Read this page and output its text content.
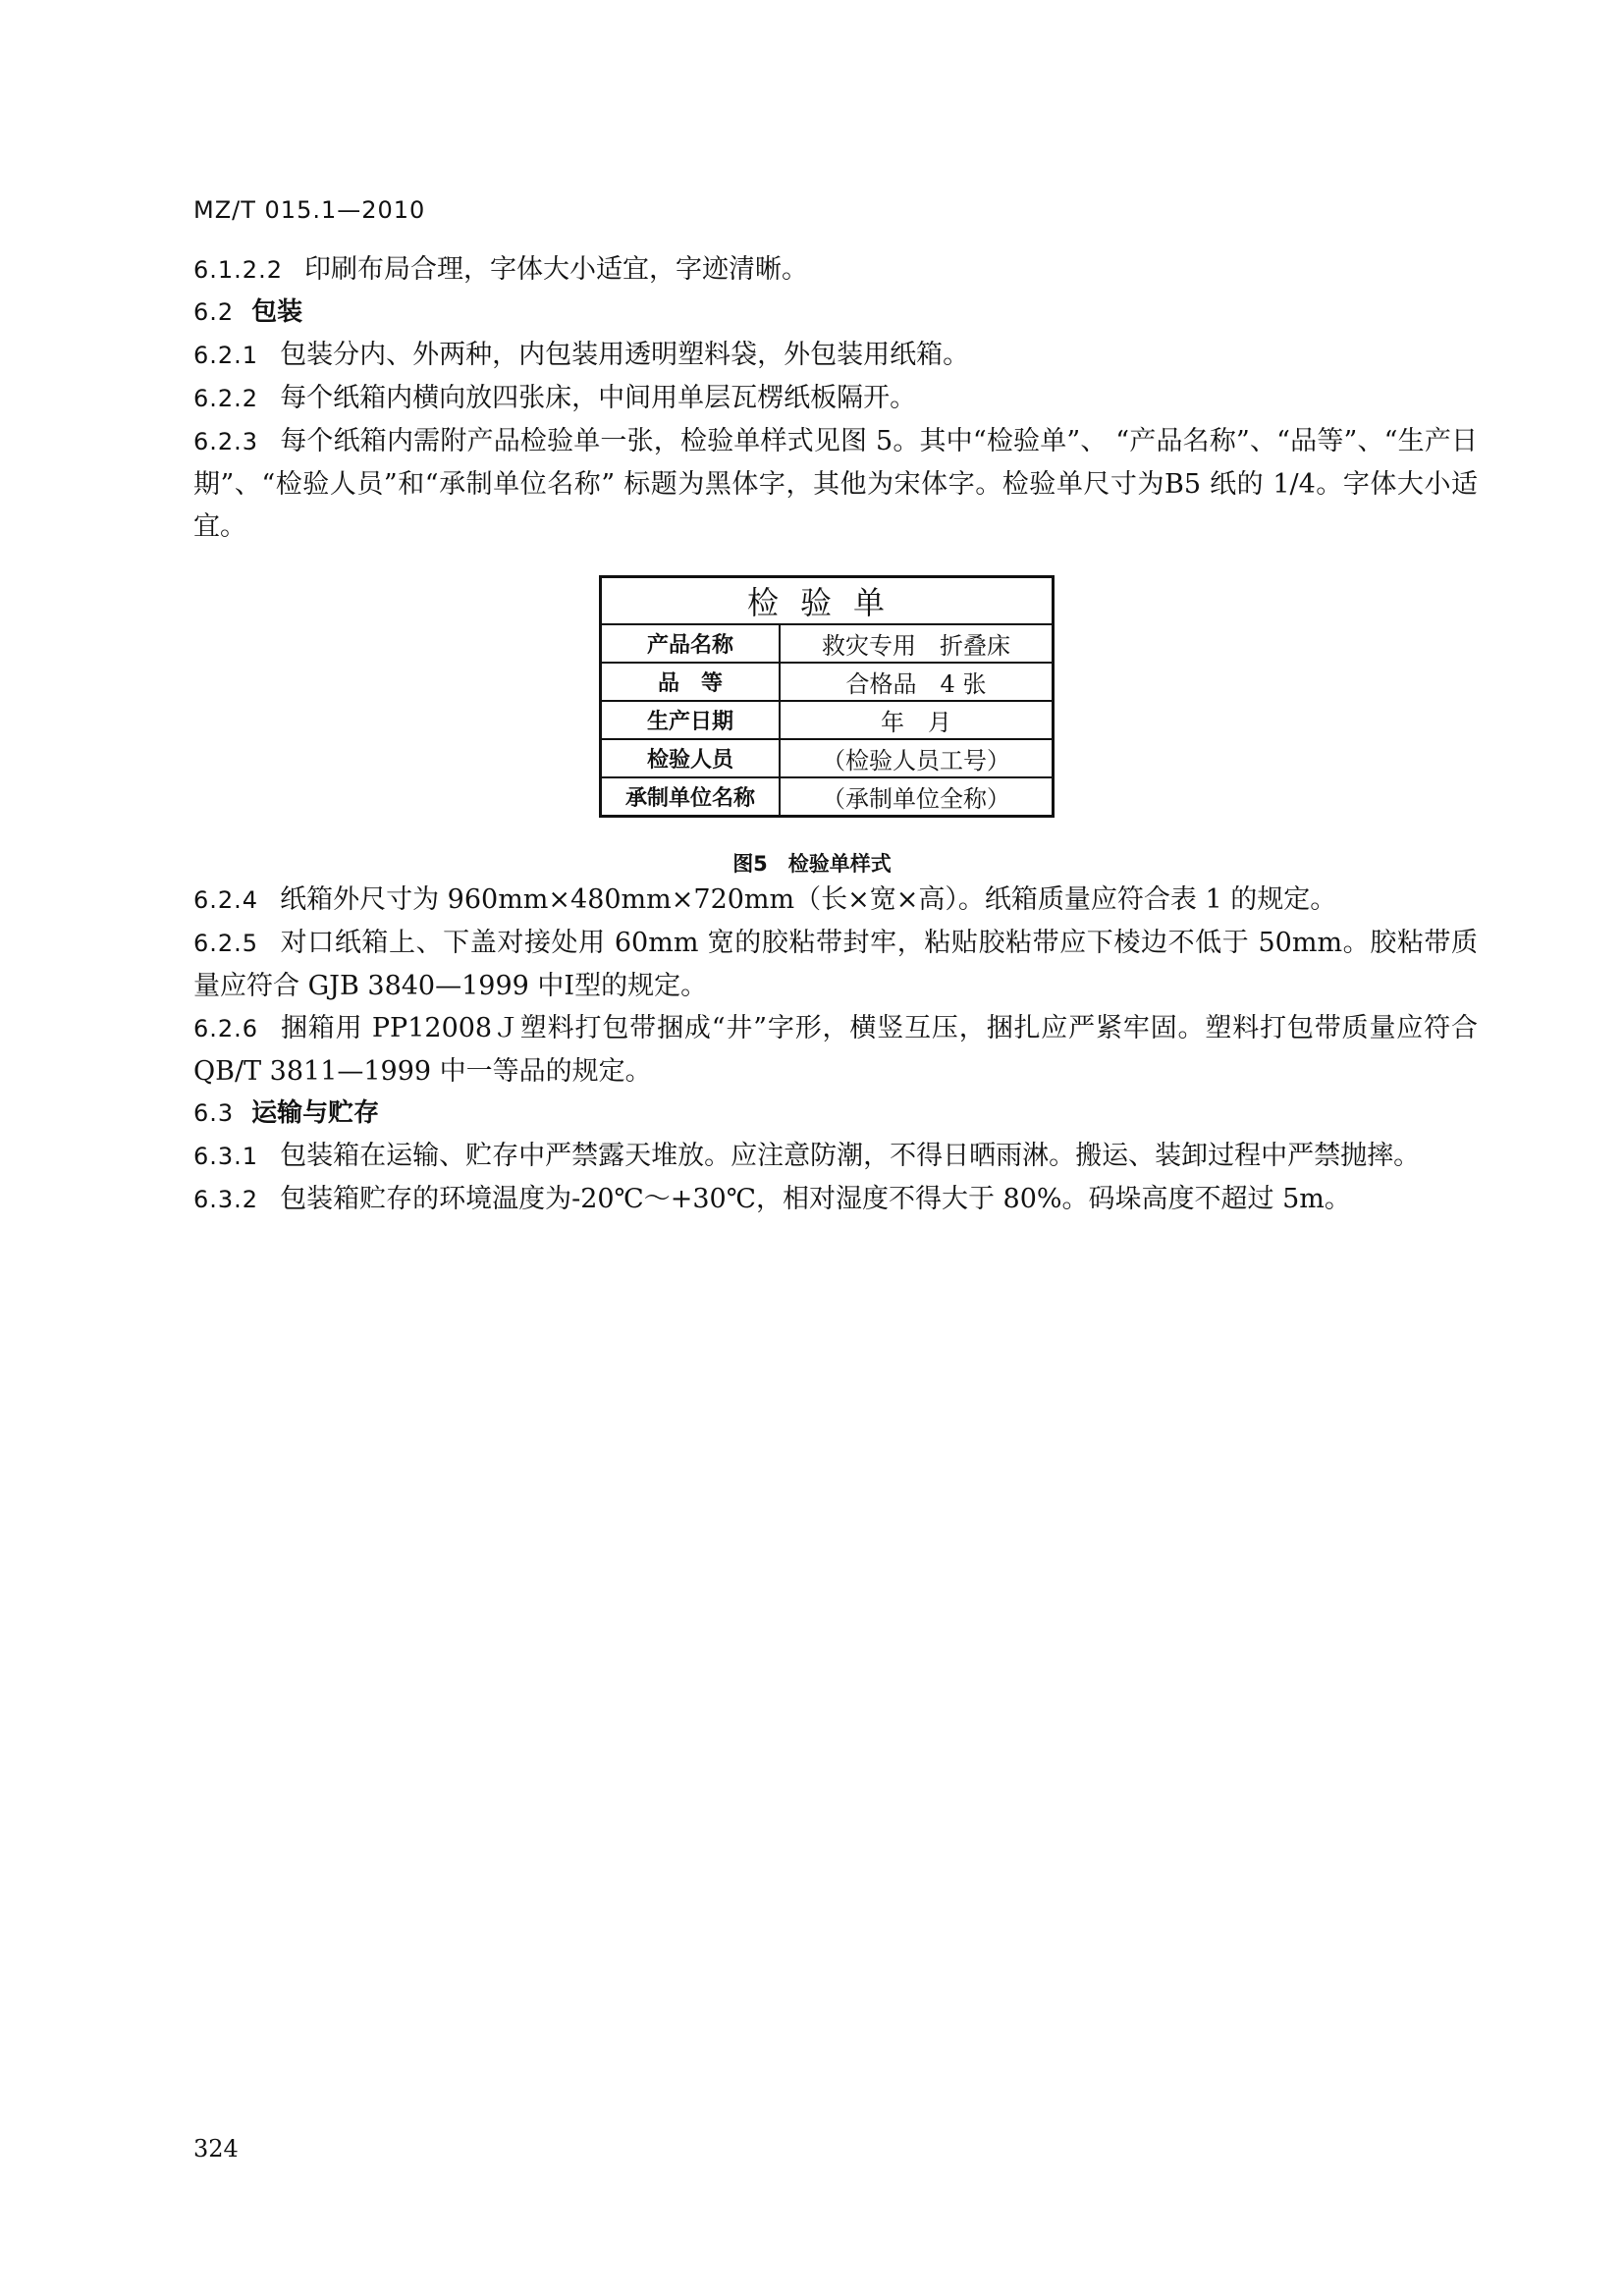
MZ/T 015.1—2010

6.1.2.2 印刷布局合理，字体大小适宜，字迹清晰。

6.2 包装

6.2.1 包装分内、外两种，内包装用透明塑料袋，外包装用纸箱。

6.2.2 每个纸箱内横向放四张床，中间用单层瓦楞纸板隔开。

6.2.3 每个纸箱内需附产品检验单一张，检验单样式见图 5。其中“检验单”、 “产品名称”、“品等”、“生产日期”、“检验人员”和“承制单位名称” 标题为黑体字，其他为宋体字。检验单尺寸为B5 纸的 1/4。字体大小适宜。

检验单	
产品名称	救灾专用　折叠床
品　等	合格品　4 张
生产日期	年　月
检验人员	（检验人员工号）
承制单位名称	（承制单位全称）
图5　检验单样式

6.2.4 纸箱外尺寸为 960mm×480mm×720mm（长×宽×高）。纸箱质量应符合表 1 的规定。

6.2.5 对口纸箱上、下盖对接处用 60mm 宽的胶粘带封牢，粘贴胶粘带应下棱边不低于 50mm。胶粘带质量应符合 GJB 3840—1999 中Ⅰ型的规定。

6.2.6 捆箱用 PP12008Ｊ塑料打包带捆成“井”字形，横竖互压，捆扎应严紧牢固。塑料打包带质量应符合 QB/T 3811—1999 中一等品的规定。

6.3 运输与贮存

6.3.1 包装箱在运输、贮存中严禁露天堆放。应注意防潮，不得日晒雨淋。搬运、装卸过程中严禁抛摔。

6.3.2 包装箱贮存的环境温度为-20℃～+30℃，相对湿度不得大于 80%。码垛高度不超过 5m。

324
